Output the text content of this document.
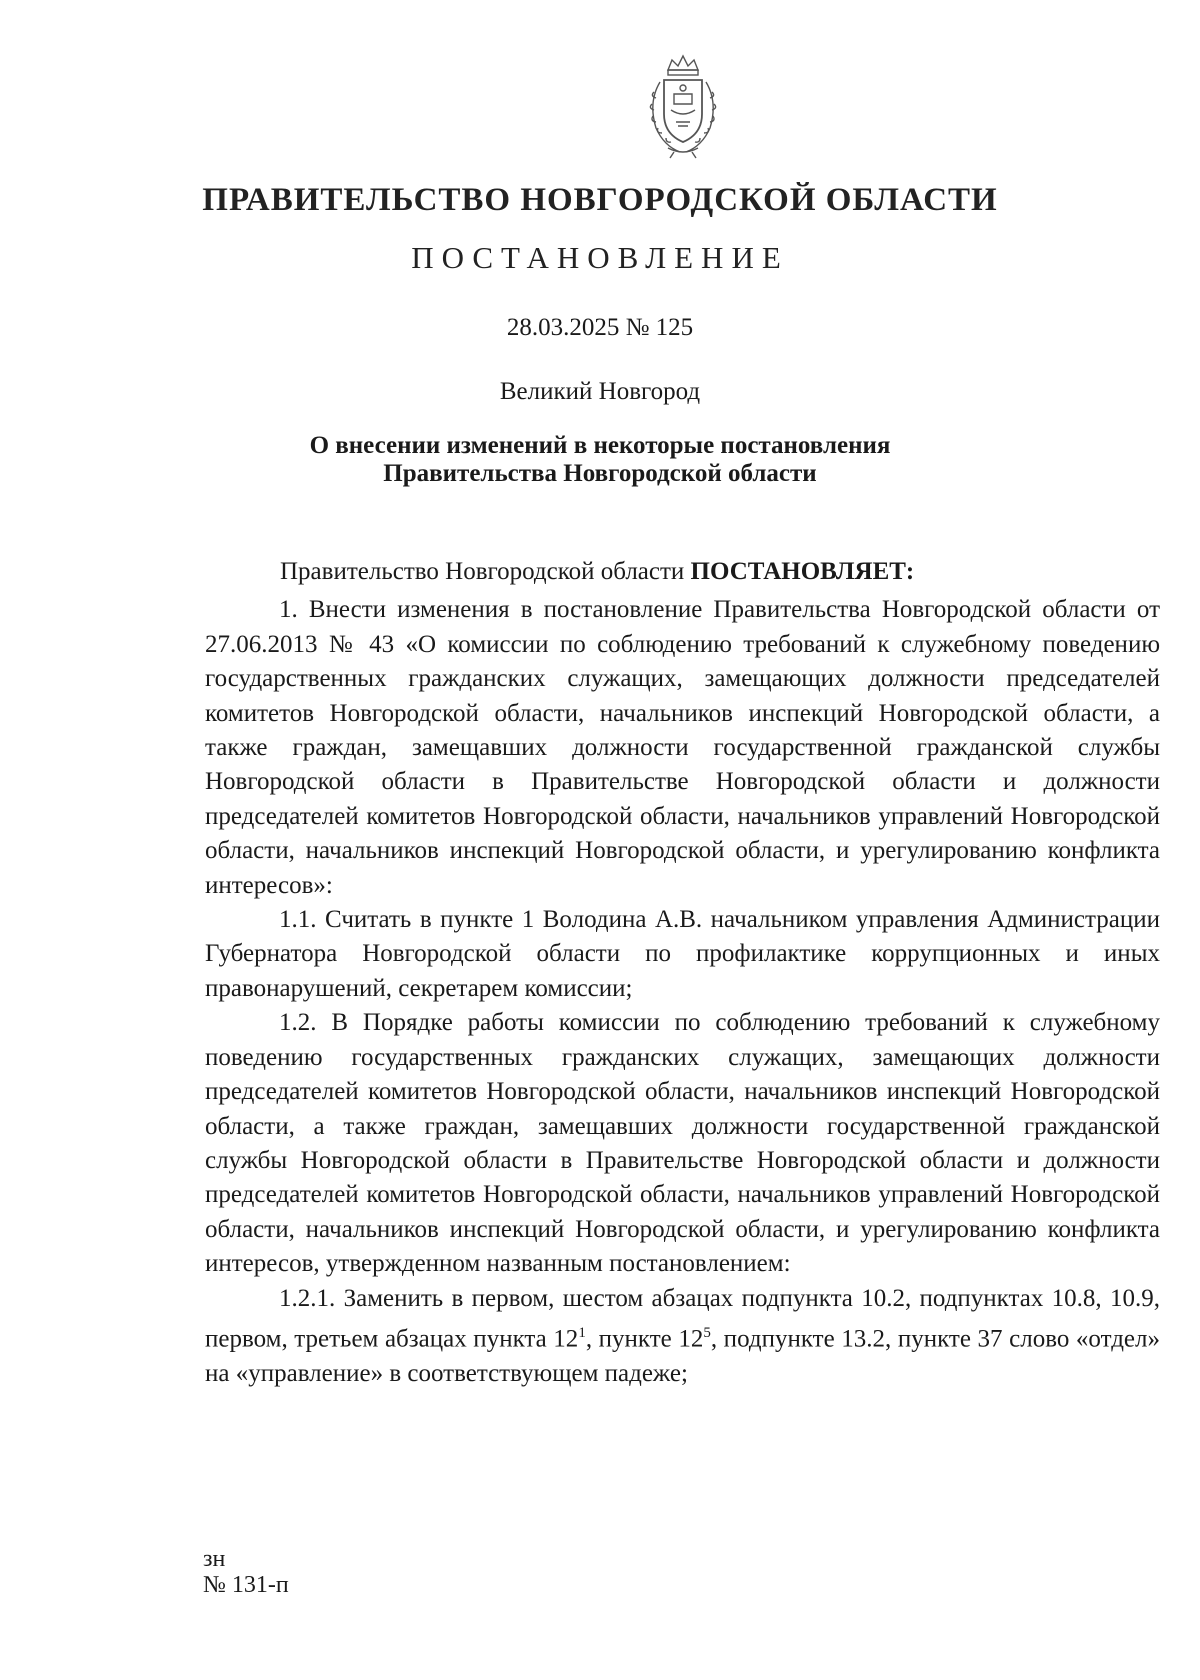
ПРАВИТЕЛЬСТВО НОВГОРОДСКОЙ ОБЛАСТИ
ПОСТАНОВЛЕНИЕ
28.03.2025 № 125
Великий Новгород
О внесении изменений в некоторые постановления
Правительства Новгородской области

Правительство Новгородской области ПОСТАНОВЛЯЕТ:

1. Внести изменения в постановление Правительства Новгородской области от 27.06.2013 № 43 «О комиссии по соблюдению требований к служебному поведению государственных гражданских служащих, замещающих должности председателей комитетов Новгородской области, начальников инспекций Новгородской области, а также граждан, замещавших должности государственной гражданской службы Новгородской области в Правительстве Новгородской области и должности председателей комитетов Новгородской области, начальников управлений Новгородской области, начальников инспекций Новгородской области, и урегулированию конфликта интересов»:

1.1. Считать в пункте 1 Володина А.В. начальником управления Администрации Губернатора Новгородской области по профилактике коррупционных и иных правонарушений, секретарем комиссии;

1.2. В Порядке работы комиссии по соблюдению требований к служебному поведению государственных гражданских служащих, замещающих должности председателей комитетов Новгородской области, начальников инспекций Новгородской области, а также граждан, замещавших должности государственной гражданской службы Новгородской области в Правительстве Новгородской области и должности председателей комитетов Новгородской области, начальников управлений Новгородской области, начальников инспекций Новгородской области, и урегулированию конфликта интересов, утвержденном названным постановлением:

1.2.1. Заменить в первом, шестом абзацах подпункта 10.2, подпунктах 10.8, 10.9, первом, третьем абзацах пункта $12^1$, пункте $12^5$, подпункте 13.2, пункте 37 слово «отдел» на «управление» в соответствующем падеже;

зн
№ 131-п
